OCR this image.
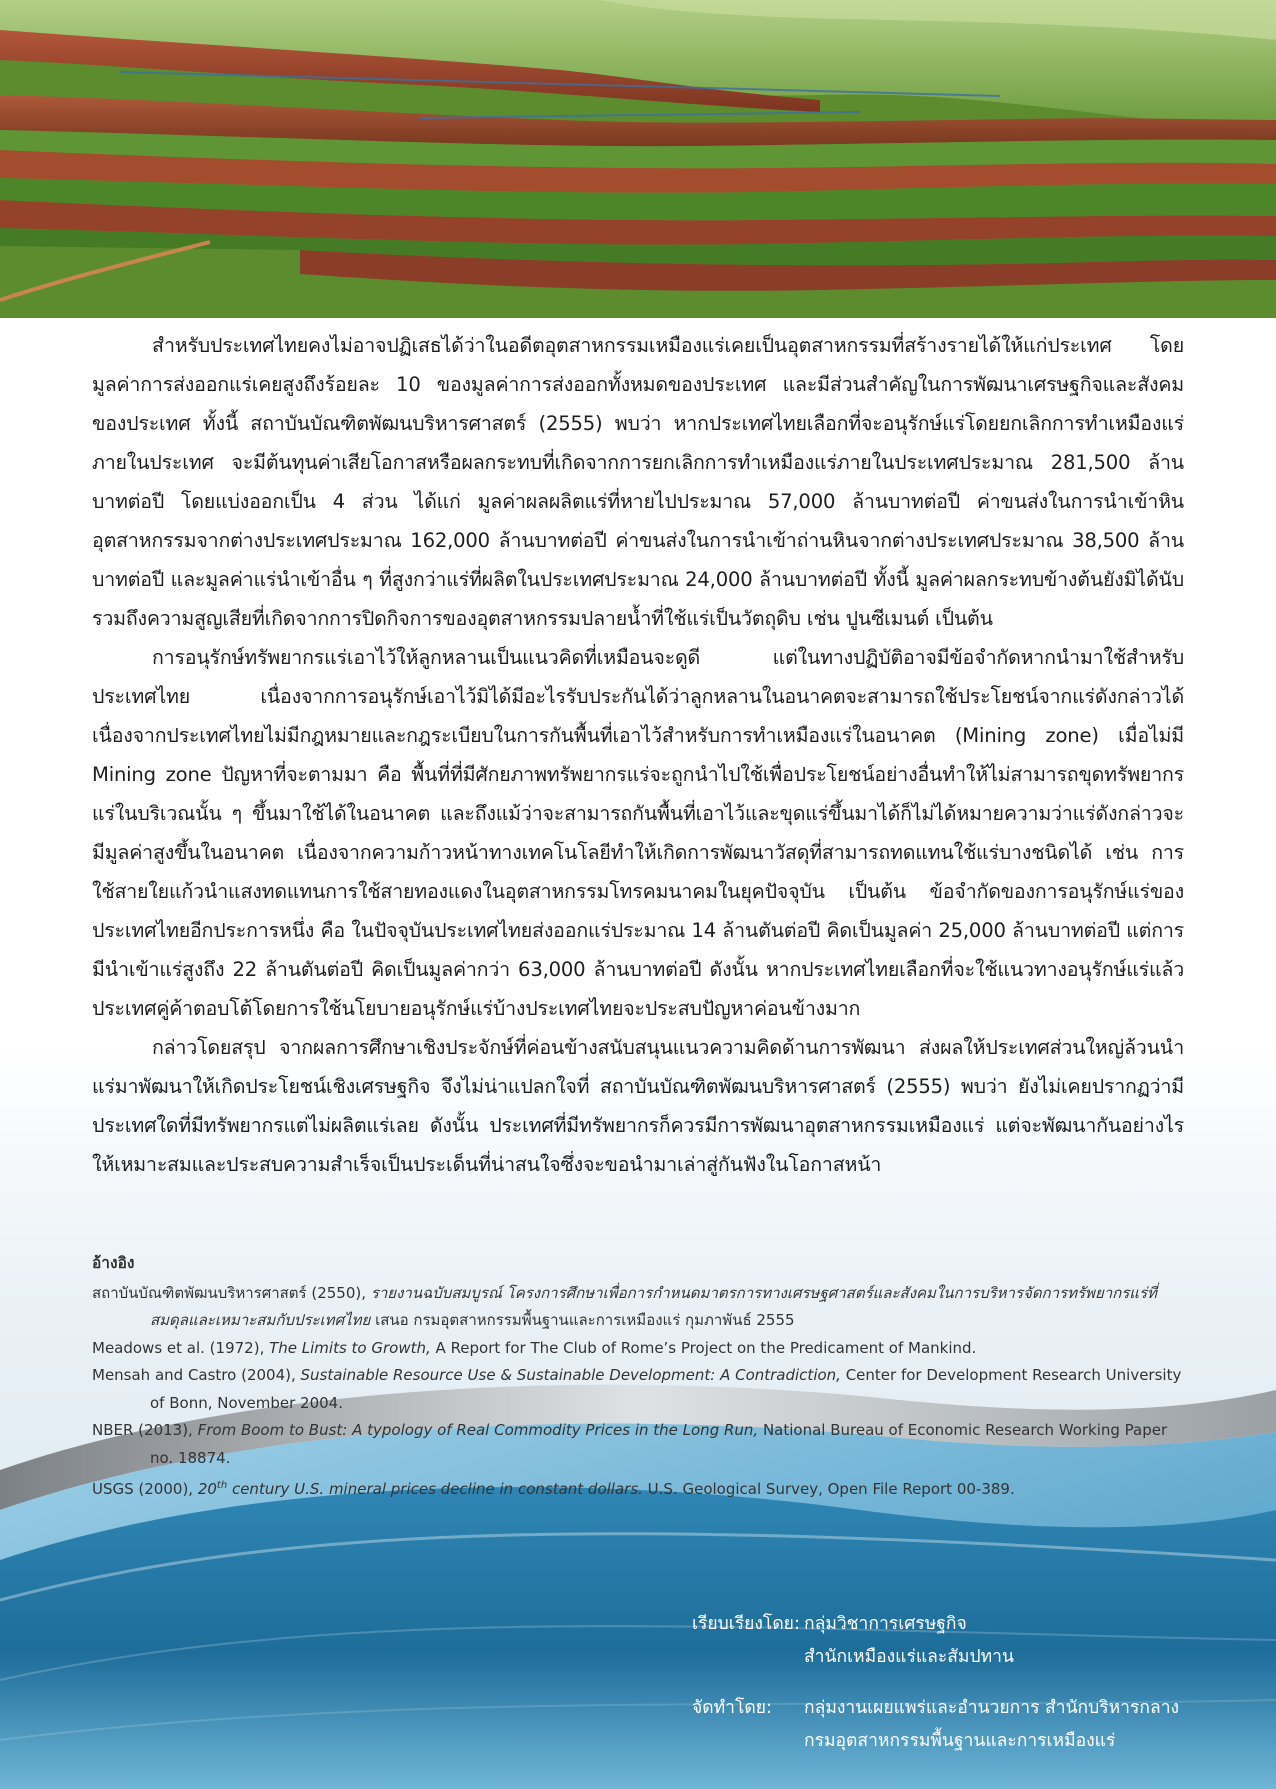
สำหรับประเทศไทยคงไม่อาจปฏิเสธได้ว่าในอดีตอุตสาหกรรมเหมืองแร่เคยเป็นอุตสาหกรรมที่สร้างรายได้ให้แก่ประเทศ โดยมูลค่าการส่งออกแร่เคยสูงถึงร้อยละ 10 ของมูลค่าการส่งออกทั้งหมดของประเทศ และมีส่วนสำคัญในการพัฒนาเศรษฐกิจและสังคมของประเทศ ทั้งนี้ สถาบันบัณฑิตพัฒนบริหารศาสตร์ (2555) พบว่า หากประเทศไทยเลือกที่จะอนุรักษ์แร่โดยยกเลิกการทำเหมืองแร่ภายในประเทศ จะมีต้นทุนค่าเสียโอกาสหรือผลกระทบที่เกิดจากการยกเลิกการทำเหมืองแร่ภายในประเทศประมาณ 281,500 ล้านบาทต่อปี โดยแบ่งออกเป็น 4 ส่วน ได้แก่ มูลค่าผลผลิตแร่ที่หายไปประมาณ 57,000 ล้านบาทต่อปี ค่าขนส่งในการนำเข้าหินอุตสาหกรรมจากต่างประเทศประมาณ 162,000 ล้านบาทต่อปี ค่าขนส่งในการนำเข้าถ่านหินจากต่างประเทศประมาณ 38,500 ล้านบาทต่อปี และมูลค่าแร่นำเข้าอื่น ๆ ที่สูงกว่าแร่ที่ผลิตในประเทศประมาณ 24,000 ล้านบาทต่อปี ทั้งนี้ มูลค่าผลกระทบข้างต้นยังมิได้นับรวมถึงความสูญเสียที่เกิดจากการปิดกิจการของอุตสาหกรรมปลายน้ำที่ใช้แร่เป็นวัตถุดิบ เช่น ปูนซีเมนต์ เป็นต้น

การอนุรักษ์ทรัพยากรแร่เอาไว้ให้ลูกหลานเป็นแนวคิดที่เหมือนจะดูดี แต่ในทางปฏิบัติอาจมีข้อจำกัดหากนำมาใช้สำหรับประเทศไทย เนื่องจากการอนุรักษ์เอาไว้มิได้มีอะไรรับประกันได้ว่าลูกหลานในอนาคตจะสามารถใช้ประโยชน์จากแร่ดังกล่าวได้ เนื่องจากประเทศไทยไม่มีกฎหมายและกฎระเบียบในการกันพื้นที่เอาไว้สำหรับการทำเหมืองแร่ในอนาคต (Mining zone) เมื่อไม่มี Mining zone ปัญหาที่จะตามมา คือ พื้นที่ที่มีศักยภาพทรัพยากรแร่จะถูกนำไปใช้เพื่อประโยชน์อย่างอื่นทำให้ไม่สามารถขุดทรัพยากรแร่ในบริเวณนั้น ๆ ขึ้นมาใช้ได้ในอนาคต และถึงแม้ว่าจะสามารถกันพื้นที่เอาไว้และขุดแร่ขึ้นมาได้ก็ไม่ได้หมายความว่าแร่ดังกล่าวจะมีมูลค่าสูงขึ้นในอนาคต เนื่องจากความก้าวหน้าทางเทคโนโลยีทำให้เกิดการพัฒนาวัสดุที่สามารถทดแทนใช้แร่บางชนิดได้ เช่น การใช้สายใยแก้วนำแสงทดแทนการใช้สายทองแดงในอุตสาหกรรมโทรคมนาคมในยุคปัจจุบัน เป็นต้น ข้อจำกัดของการอนุรักษ์แร่ของประเทศไทยอีกประการหนึ่ง คือ ในปัจจุบันประเทศไทยส่งออกแร่ประมาณ 14 ล้านตันต่อปี คิดเป็นมูลค่า 25,000 ล้านบาทต่อปี แต่การมีนำเข้าแร่สูงถึง 22 ล้านตันต่อปี คิดเป็นมูลค่ากว่า 63,000 ล้านบาทต่อปี ดังนั้น หากประเทศไทยเลือกที่จะใช้แนวทางอนุรักษ์แร่แล้วประเทศคู่ค้าตอบโต้โดยการใช้นโยบายอนุรักษ์แร่บ้างประเทศไทยจะประสบปัญหาค่อนข้างมาก

กล่าวโดยสรุป จากผลการศึกษาเชิงประจักษ์ที่ค่อนข้างสนับสนุนแนวความคิดด้านการพัฒนา ส่งผลให้ประเทศส่วนใหญ่ล้วนนำแร่มาพัฒนาให้เกิดประโยชน์เชิงเศรษฐกิจ จึงไม่น่าแปลกใจที่ สถาบันบัณฑิตพัฒนบริหารศาสตร์ (2555) พบว่า ยังไม่เคยปรากฏว่ามีประเทศใดที่มีทรัพยากรแต่ไม่ผลิตแร่เลย ดังนั้น ประเทศที่มีทรัพยากรก็ควรมีการพัฒนาอุตสาหกรรมเหมืองแร่ แต่จะพัฒนากันอย่างไรให้เหมาะสมและประสบความสำเร็จเป็นประเด็นที่น่าสนใจซึ่งจะขอนำมาเล่าสู่กันฟังในโอกาสหน้า

อ้างอิง
สถาบันบัณฑิตพัฒนบริหารศาสตร์ (2550), รายงานฉบับสมบูรณ์ โครงการศึกษาเพื่อการกำหนดมาตรการทางเศรษฐศาสตร์และสังคมในการบริหารจัดการทรัพยากรแร่ที่สมดุลและเหมาะสมกับประเทศไทย เสนอ กรมอุตสาหกรรมพื้นฐานและการเหมืองแร่ กุมภาพันธ์ 2555
Meadows et al. (1972), The Limits to Growth, A Report for The Club of Rome’s Project on the Predicament of Mankind.
Mensah and Castro (2004), Sustainable Resource Use & Sustainable Development: A Contradiction, Center for Development Research University of Bonn, November 2004.
NBER (2013), From Boom to Bust: A typology of Real Commodity Prices in the Long Run, National Bureau of Economic Research Working Paper no. 18874.
USGS (2000), 20th century U.S. mineral prices decline in constant dollars. U.S. Geological Survey, Open File Report 00-389.
เรียบเรียงโดย: กลุ่มวิชาการเศรษฐกิจ
สำนักเหมืองแร่และสัมปทาน
จัดทำโดย:	กลุ่มงานเผยแพร่และอำนวยการ สำนักบริหารกลาง
กรมอุตสาหกรรมพื้นฐานและการเหมืองแร่
